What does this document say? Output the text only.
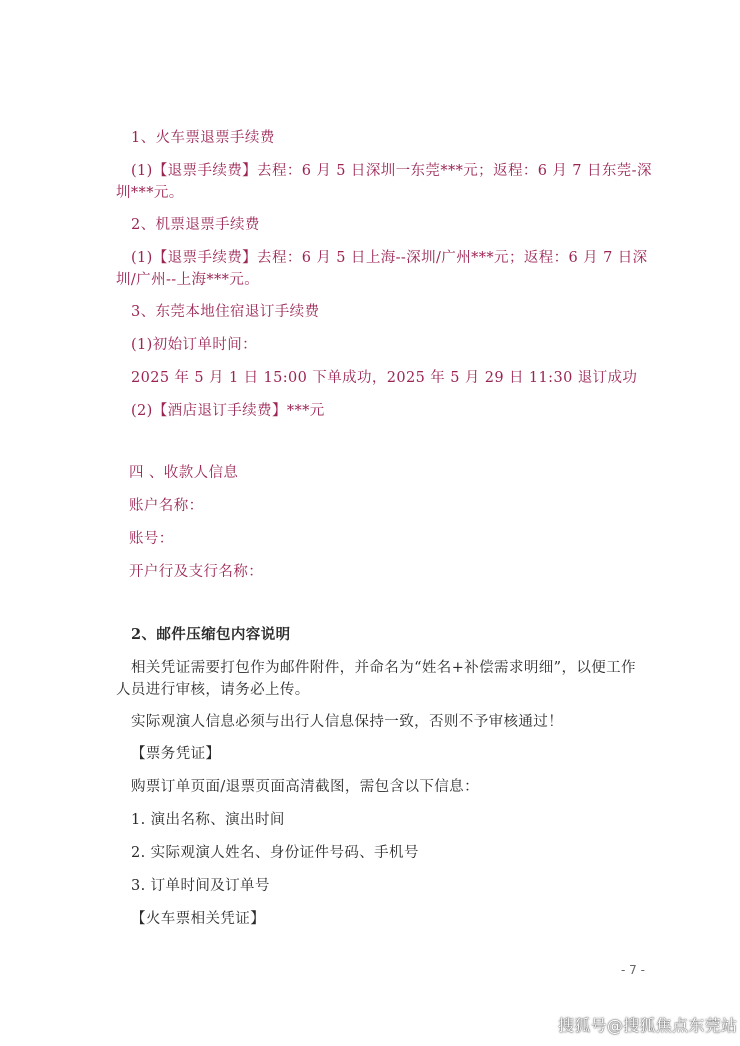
1、火车票退票手续费
(1)【退票手续费】去程：6 月 5 日深圳一东莞***元；返程：6 月 7 日东莞-深
圳***元。
2、机票退票手续费
(1)【退票手续费】去程：6 月 5 日上海--深圳/广州***元；返程：6 月 7 日深
圳/广州--上海***元。
3、东莞本地住宿退订手续费
(1)初始订单时间：
2025 年 5 月 1 日 15:00 下单成功，2025 年 5 月 29 日 11:30 退订成功
(2)【酒店退订手续费】***元
四 、收款人信息
账户名称：
账号：
开户行及支行名称：
2、邮件压缩包内容说明
相关凭证需要打包作为邮件附件，并命名为“姓名+补偿需求明细”，以便工作
人员进行审核，请务必上传。
实际观演人信息必须与出行人信息保持一致，否则不予审核通过！
【票务凭证】
购票订单页面/退票页面高清截图，需包含以下信息：
1. 演出名称、演出时间
2. 实际观演人姓名、身份证件号码、手机号
3. 订单时间及订单号
【火车票相关凭证】
- 7 -
搜狐号@搜狐焦点东莞站
